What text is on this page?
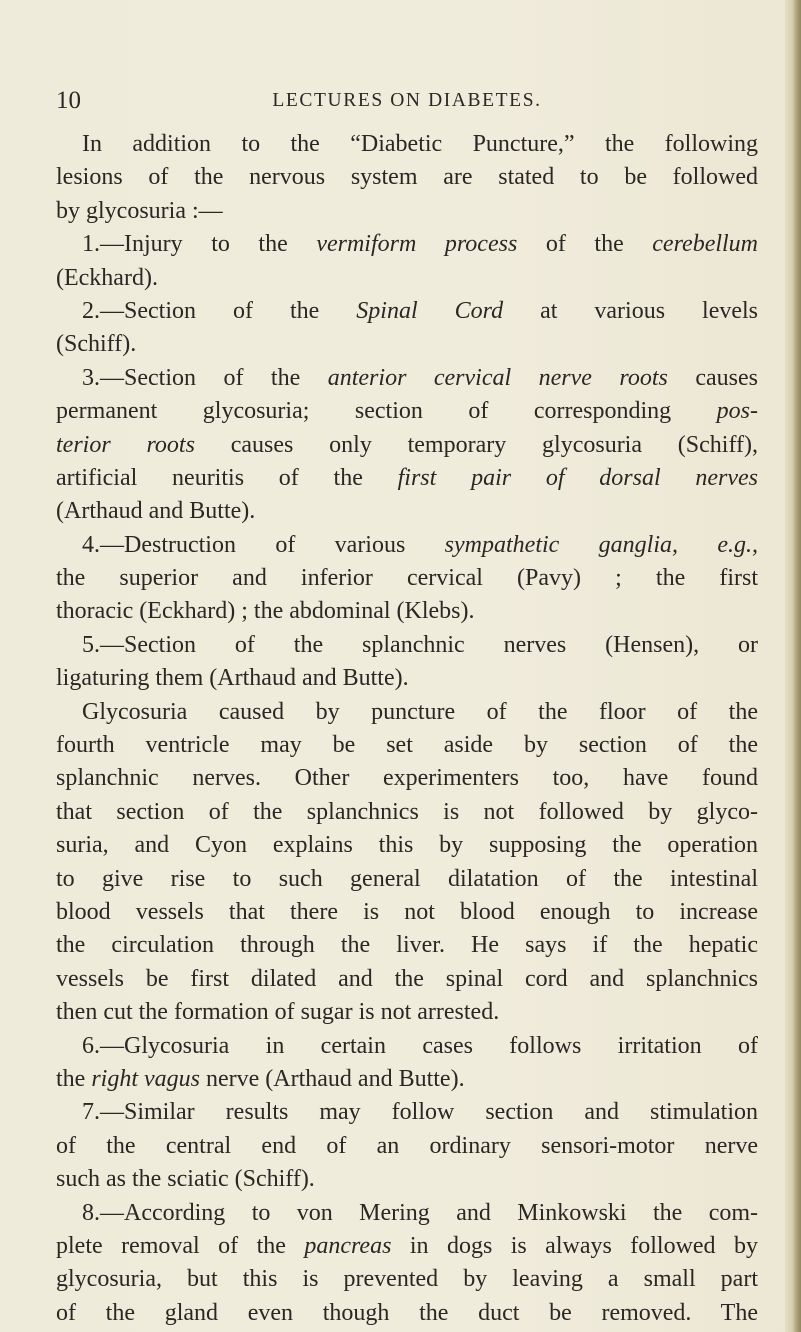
10	LECTURES ON DIABETES.
In addition to the “Diabetic Puncture,” the following
lesions of the nervous system are stated to be followed
by glycosuria :—
1.—Injury to the vermiform process of the cerebellum
(Eckhard).
2.—Section of the Spinal Cord at various levels
(Schiff).
3.—Section of the anterior cervical nerve roots causes
permanent glycosuria; section of corresponding pos-
terior roots causes only temporary glycosuria (Schiff),
artificial neuritis of the first pair of dorsal nerves
(Arthaud and Butte).
4.—Destruction of various sympathetic ganglia, e.g.,
the superior and inferior cervical (Pavy) ; the first
thoracic (Eckhard) ; the abdominal (Klebs).
5.—Section of the splanchnic nerves (Hensen), or
ligaturing them (Arthaud and Butte).
Glycosuria caused by puncture of the floor of the
fourth ventricle may be set aside by section of the
splanchnic nerves. Other experimenters too, have found
that section of the splanchnics is not followed by glyco-
suria, and Cyon explains this by supposing the operation
to give rise to such general dilatation of the intestinal
blood vessels that there is not blood enough to increase
the circulation through the liver. He says if the hepatic
vessels be first dilated and the spinal cord and splanchnics
then cut the formation of sugar is not arrested.
6.—Glycosuria in certain cases follows irritation of
the right vagus nerve (Arthaud and Butte).
7.—Similar results may follow section and stimulation
of the central end of an ordinary sensori-motor nerve
such as the sciatic (Schiff).
8.—According to von Mering and Minkowski the com-
plete removal of the pancreas in dogs is always followed by
glycosuria, but this is prevented by leaving a small part
of the gland even though the duct be removed. The
